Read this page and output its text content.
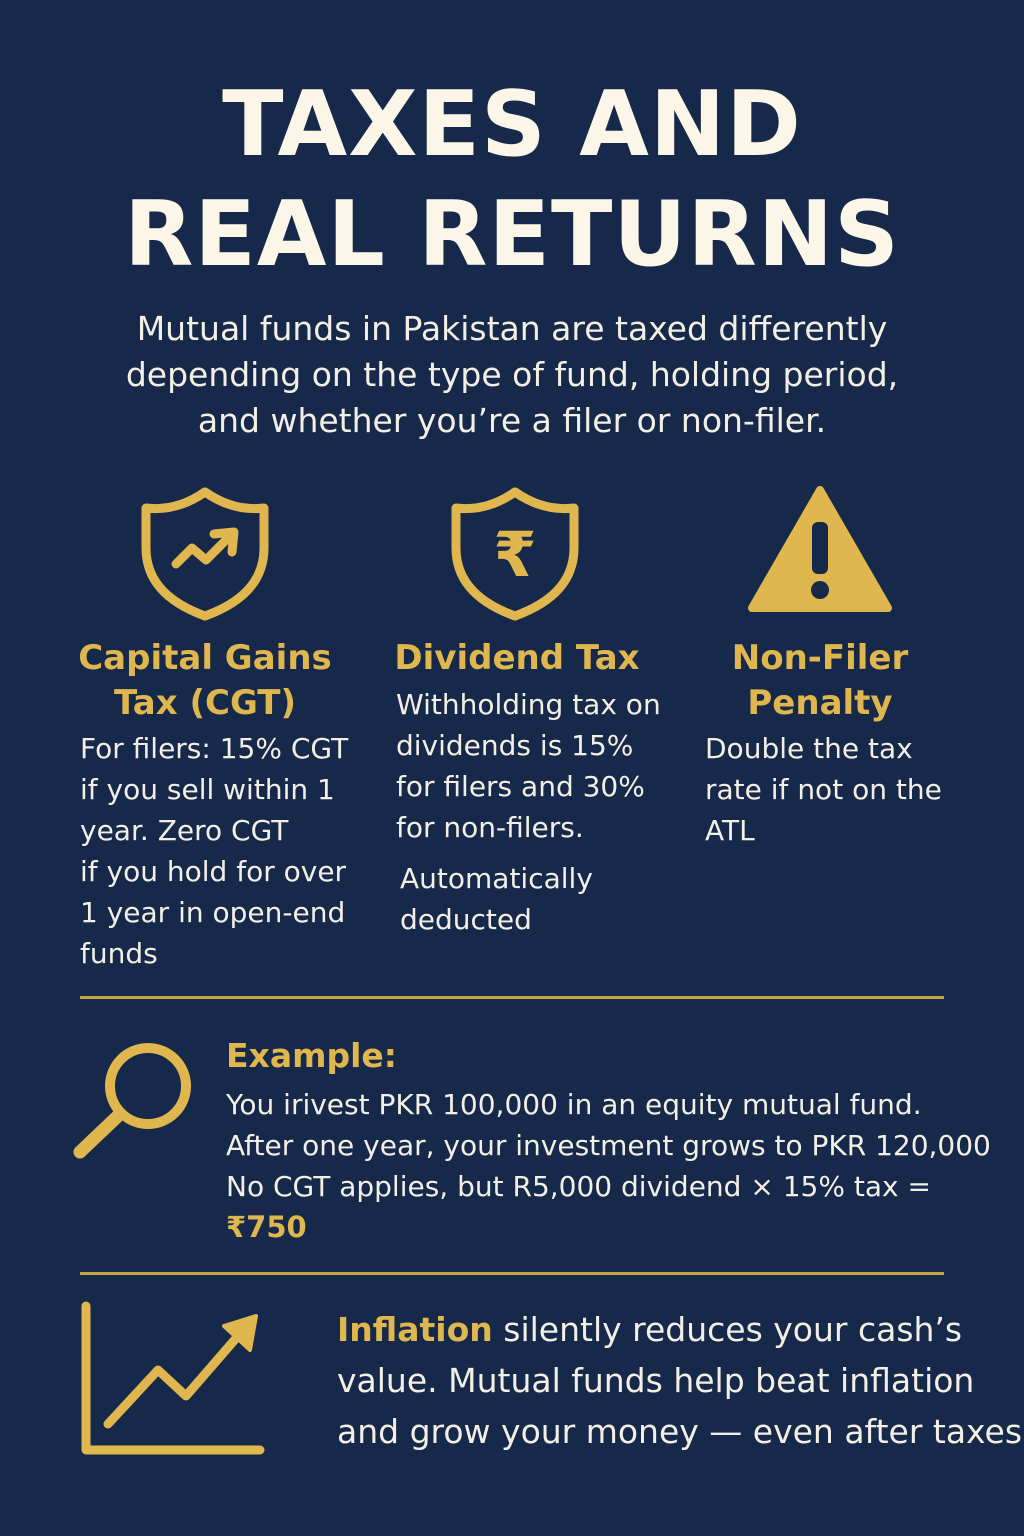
TAXES AND
REAL RETURNS

Mutual funds in Pakistan are taxed differently

depending on the type of fund, holding period,

and whether you’re a filer or non-filer.

Capital Gains

Tax (CGT)

For filers: 15% CGT
if you sell within 1
year. Zero CGT
if you hold for over
1 year in open-end
funds

₹

Dividend Tax

Withholding tax on
dividends is 15%
for filers and 30%
for non-filers.

Automatically
deducted

Non-Filer

Penalty

Double the tax
rate if not on the
ATL

Example:

You irivest PKR 100,000 in an equity mutual fund.

After one year, your investment grows to PKR 120,000

No CGT applies, but R5,000 dividend × 15% tax =

₹750

Inflation silently reduces your cash’s
value. Mutual funds help beat inflation
and grow your money — even after taxes
